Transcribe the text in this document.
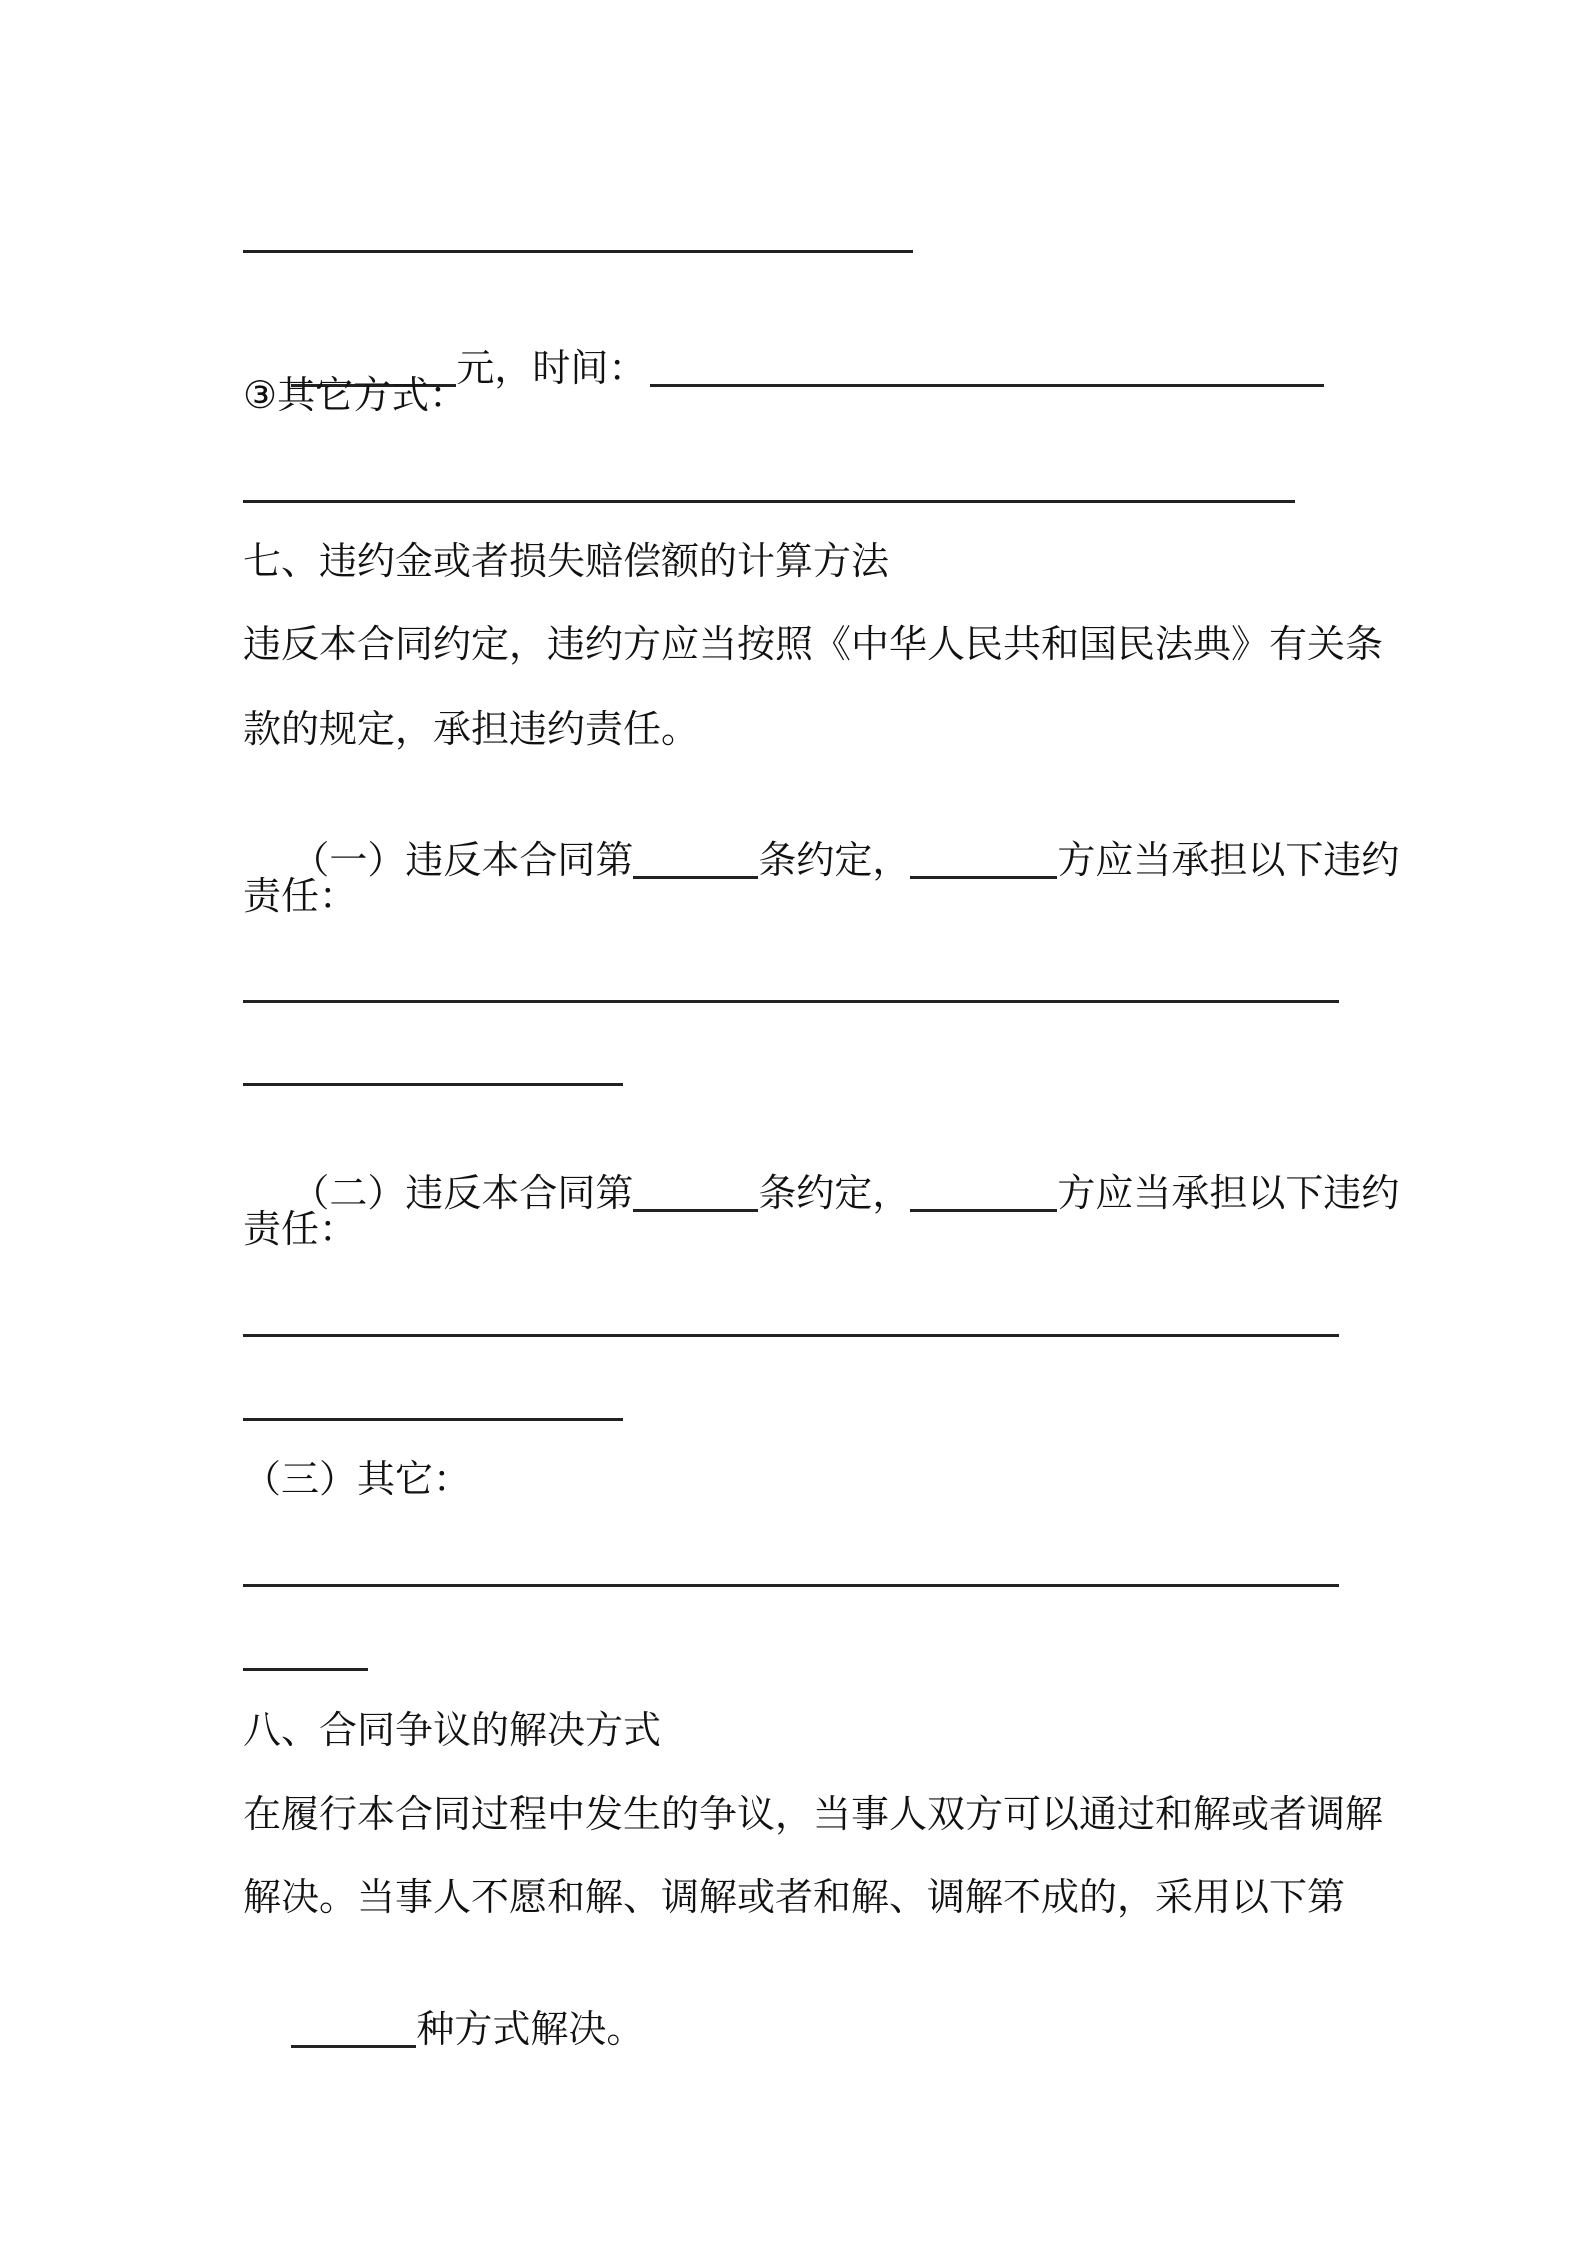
元，时间：

③其它方式：
七、违约金或者损失赔偿额的计算方法
违反本合同约定，违约方应当按照《中华人民共和国民法典》有关条
款的规定，承担违约责任。

（一）违反本合同第	条约定，	方应当承担以下违约

责任：

（二）违反本合同第	条约定，	方应当承担以下违约

责任：
（三）其它：
八、合同争议的解决方式
在履行本合同过程中发生的争议，当事人双方可以通过和解或者调解
解决。当事人不愿和解、调解或者和解、调解不成的，采用以下第

种方式解决。
